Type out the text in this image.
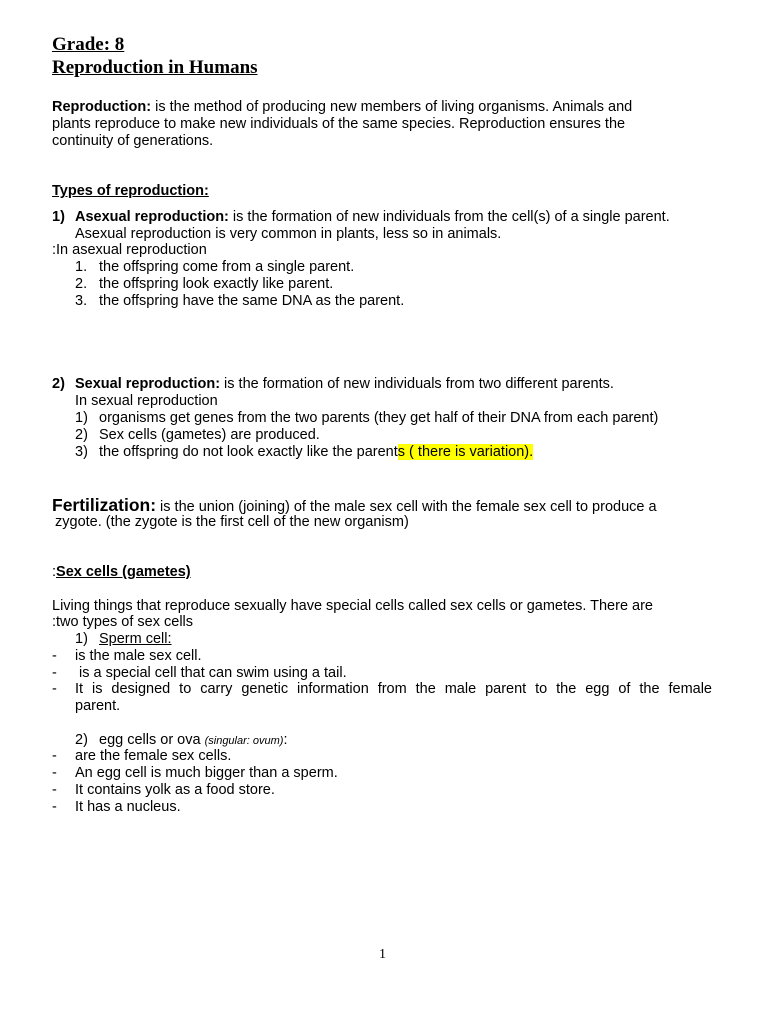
Grade: 8
Reproduction in Humans
Reproduction: is the method of producing new members of living organisms. Animals and
plants reproduce to make new individuals of the same species. Reproduction ensures the
continuity of generations.
Types of reproduction:
1) Asexual reproduction: is the formation of new individuals from the cell(s) of a single parent.
Asexual reproduction is very common in plants, less so in animals.
:In asexual reproduction
1. the offspring come from a single parent.
2. the offspring look exactly like parent.
3. the offspring have the same DNA as the parent.
2) Sexual reproduction: is the formation of new individuals from two different parents.
In sexual reproduction
1) organisms get genes from the two parents (they get half of their DNA from each parent)
2) Sex cells (gametes) are produced.
3) the offspring do not look exactly like the parents ( there is variation).
Fertilization: is the union (joining) of the male sex cell with the female sex cell to produce a
zygote. (the zygote is the first cell of the new organism)
:Sex cells (gametes)
Living things that reproduce sexually have special cells called sex cells or gametes. There are
:two types of sex cells
1) Sperm cell:
- is the male sex cell.
- is a special cell that can swim using a tail.
- It is designed to carry genetic information from the male parent to the egg of the female
parent.
2) egg cells or ova (singular: ovum):
- are the female sex cells.
- An egg cell is much bigger than a sperm.
- It contains yolk as a food store.
- It has a nucleus.
1
